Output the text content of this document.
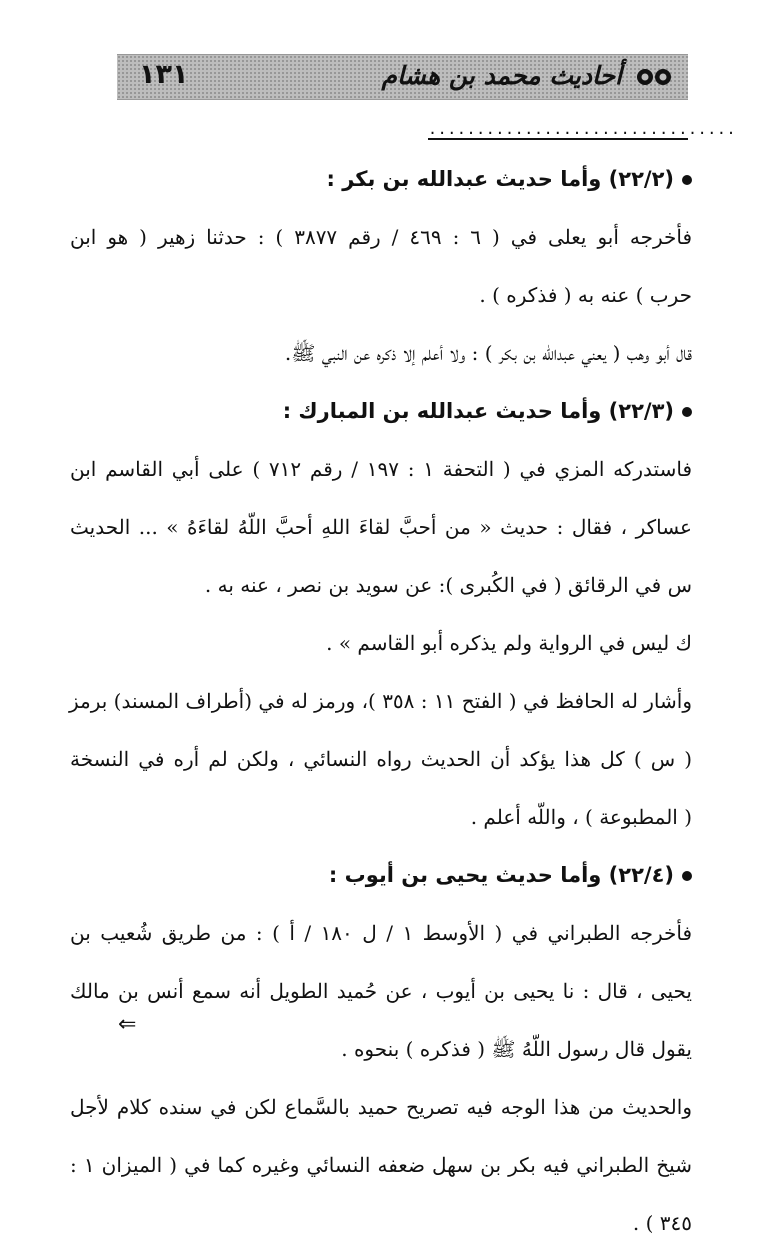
١٣١	أحاديث محمد بن هشام
................................
(٢٢/٢) وأما حديث عبدالله بن بكر :
فأخرجه أبو يعلى في ( ٦ : ٤٦٩ / رقم ٣٨٧٧ ) : حدثنا زهير ( هو ابن
حرب ) عنه به ( فذكره ) .
قال أبو وهب ( يعني عبدالله بن بكر ) : ولا أعلم إلا ذكره عن النبي ﷺ.
(٢٢/٣) وأما حديث عبدالله بن المبارك :
فاستدركه المزي في ( التحفة ١ : ١٩٧ / رقم ٧١٢ ) على أبي القاسم ابن
عساكر ، فقال : حديث « من أحبَّ لقاءَ اللهِ أحبَّ اللّهُ لقاءَهُ » ... الحديث
س في الرقائق ( في الكُبرى ): عن سويد بن نصر ، عنه به .
ك ليس في الرواية ولم يذكره أبو القاسم » .
وأشار له الحافظ في ( الفتح ١١ : ٣٥٨ )، ورمز له في (أطراف المسند) برمز
( س ) كل هذا يؤكد أن الحديث رواه النسائي ، ولكن لم أره في النسخة
( المطبوعة ) ، واللّه أعلم .
(٢٢/٤) وأما حديث يحيى بن أيوب :
فأخرجه الطبراني في ( الأوسط ١ / ل ١٨٠ / أ ) : من طريق شُعيب بن
يحيى ، قال : نا يحيى بن أيوب ، عن حُميد الطويل أنه سمع أنس بن مالك
يقول قال رسول اللّهُ ﷺ ( فذكره ) بنحوه .
والحديث من هذا الوجه فيه تصريح حميد بالسَّماع لكن في سنده كلام لأجل
شيخ الطبراني فيه بكر بن سهل ضعفه النسائي وغيره كما في ( الميزان ١ :
٣٤٥ ) .
⇐
